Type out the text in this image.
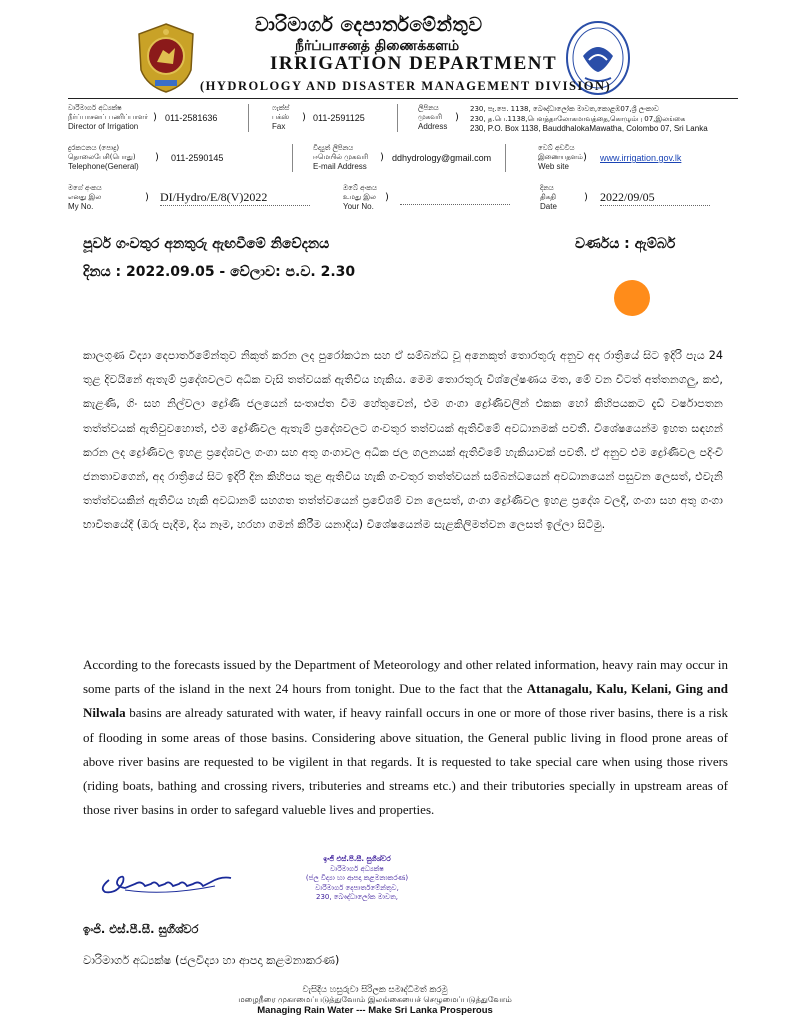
වාරිමාර්ග දෙපාර්තමේන්තුව
நீர்ப்பாசனத் திணைக்களம்
IRRIGATION DEPARTMENT
(HYDROLOGY AND DISASTER MANAGEMENT DIVISION)
වාරිමාර්ග අධ්‍යක්ෂ
நீர்ப்பாசனப் பணிப்பாளர்
Director of Irrigation
) 011-2581636
ෆැක්ස්
பக்ஸ்
Fax
) 011-2591125
ලිපිනය
முகவரி
Address
)
230, පැ.පෙ. 1138, බෞද්ධාලෝක මාවත,කොළඹ07,ශ්‍රී ලංකාව
230, த.பெ.1138,பௌத்தாலோகமாவத்தை,கொழும்பு 07,இலங்கை
230, P.O. Box 1138, BauddhalokaMawatha, Colombo 07, Sri Lanka
දුරකථනය (පොදු)
தொலைபேசி(பொது)
Telephone(General)
) 011-2590145
විද්‍යුත් ලිපිනය
ஈமெயில் முகவரி
E-mail Address
) ddhydrology@gmail.com
වෙබ් අඩවිය
இணையதளம்
Web site
) www.irrigation.gov.lk
මගේ අංකය
எனது இல
My No.
) DI/Hydro/E/8(V)2022
ඔබේ අංකය
உமது இல
Your No.
)
දිනය
திகதி
Date
) 2022/09/05
පූර්ව ගංවතුර අනතුරු ඇඟවීමේ නිවේදනය	වර්ණය : ඇම්බර්
දිනය : 2022.09.05 - වේලාව: ප.ව. 2.30
කාලගුණ විද්‍යා දෙපාර්තමේන්තුව නිකුත් කරන ලද පුරෝකථන සහ ඒ සම්බන්ධ වූ අනෙකුත් තොරතුරු අනුව අද රාත්‍රියේ සිට ඉදිරි පැය 24 තුළ දිවයිනේ ඇතැම් ප්‍රදේශවලට අධික වැසි තත්වයක් ඇතිවිය හැකිය. මෙම තොරතුරු විශ්ලේෂණය මත, මේ වන විටත් අත්තනගලු, කළු, කැළණි, ගිං සහ නිල්වලා ද්‍රෝණි ජලයෙන් සංතෘප්ත වීම හේතුවෙන්, එම ගංගා ද්‍රෝණිවලින් එකක හෝ කිහිපයකට දැඩි වර්ෂාපතන තත්ත්වයක් ඇතිවුවහොත්, එම ද්‍රෝණිවල ඇතැම් ප්‍රදේශවලට ගංවතුර තත්වයක් ඇතිවීමේ අවධානමක් පවතී. විශේෂයෙන්ම ඉහත සඳහන් කරන ලද ද්‍රෝණිවල ඉහළ ප්‍රදේශවල ගංගා සහ අතු ගංගාවල අධික ජල ගලනයක් ඇතිවීමේ හැකියාවක් පවතී. ඒ අනුව එම ද්‍රෝණිවල පදිංචි ජනතාවගෙන්, අද රාත්‍රියේ සිට ඉදිරි දින කිහිපය තුළ ඇතිවිය හැකි ගංවතුර තත්ත්වයන් සම්බන්ධයෙන් අවධානයෙන් පසුවන ලෙසත්, එවැනි තත්ත්වයකින් ඇතිවිය හැකි අවධානම් සහගත තත්ත්වයෙන් ප්‍රවේශම් වන ලෙසත්, ගංගා ද්‍රෝණිවල ඉහළ ප්‍රදේශ වලදී, ගංගා සහ අතු ගංගා භාවිතයේදී (ඔරු පැදීම, දිය නෑම, හරහා ගමන් කිරීම යනාදිය) විශේෂයෙන්ම සැළකිලිමත්වන ලෙසත් ඉල්ලා සිටිමු.
According to the forecasts issued by the Department of Meteorology and other related information, heavy rain may occur in some parts of the island in the next 24 hours from tonight. Due to the fact that the Attanagalu, Kalu, Kelani, Ging and Nilwala basins are already saturated with water, if heavy rainfall occurs in one or more of those river basins, there is a risk of flooding in some areas of those basins. Considering above situation, the General public living in flood prone areas of above river basins are requested to be vigilent in that regards. It is requested to take special care when using those rivers (riding boats, bathing and crossing rivers, tributeries and streams etc.) and their tributories specially in upstream areas of those river basins in order to safegard valueble lives and properties.
ඉංජි එස්.පී.සී. සුගීශ්වර
වාරිමාර්ග අධ්‍යක්ෂ
(ජල විද්‍යා හා ආපදා කළමනාකරණ)
වාරිමාර්ග දෙපාර්තමේන්තුව,
230, බෞද්ධාලෝක මාවත,
ඉංජි. එස්.පී.සී. සුගීශ්වර
වාරිමාර්ග අධ්‍යක්ෂ (ජලවිද්‍යා හා ආපදා කළමනාකරණ)
වැසිදිය හසුරුවා සිරිලක සමෘද්ධිමත් කරමු
மழைநீரை முகாமைப்படுத்துவோம் இலங்கையைச் செழுமைப்படுத்துவோம்
Managing Rain Water --- Make Sri Lanka Prosperous
